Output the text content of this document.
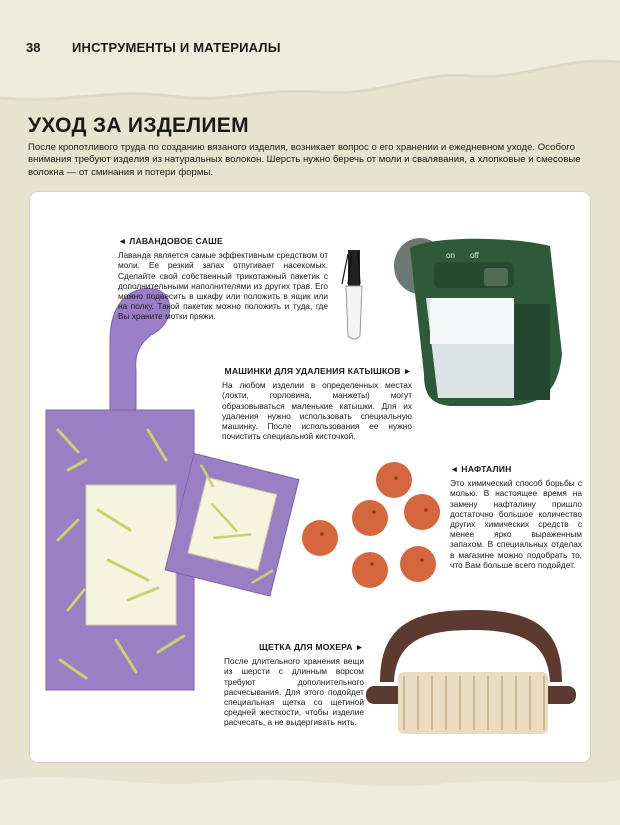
38 ИНСТРУМЕНТЫ И МАТЕРИАЛЫ
УХОД ЗА ИЗДЕЛИЕМ
После кропотливого труда по созданию вязаного изделия, возникает вопрос о его хранении и ежедневном уходе. Особого внимания требуют изделия из натуральных волокон. Шерсть нужно беречь от моли и свалявания, а хлопковые и смесовые волокна — от сминания и потери формы.
on off
◄ ЛАВАНДОВОЕ САШЕ
Лаванда является самые эффективным средством от моли. Ее резкий запах отпугивает насекомых. Сделайте свой собственный трикотажный пакетик с дополнительными наполнителями из других трав. Его можно подвесить в шкафу или положить в ящик или на полку. Такой пакетик можно положить и туда, где Вы храните мотки пряжи.
МАШИНКИ ДЛЯ УДАЛЕНИЯ КАТЫШКОВ ►
На любом изделии в определенных местах (локти, горловина, манжеты) могут образовываться маленькие катышки. Для их удаления нужно использовать специальную машинку. После использования ее нужно почистить специальной кисточкой.
◄ НАФТАЛИН
Это химический способ борьбы с молью. В настоящее время на замену нафталину пришло достаточно большое количество других химических средств с менее ярко выраженным запахом. В специальных отделах в магазине можно подобрать то, что Вам больше всего подойдет.
ЩЕТКА ДЛЯ МОХЕРА ►
После длительного хранения вещи из шерсти с длинным ворсом требуют дополнительного расчесывания. Для этого подойдет специальная щетка со щетиной средней жесткости, чтобы изделие расчесать, а не выдергивать нить.
